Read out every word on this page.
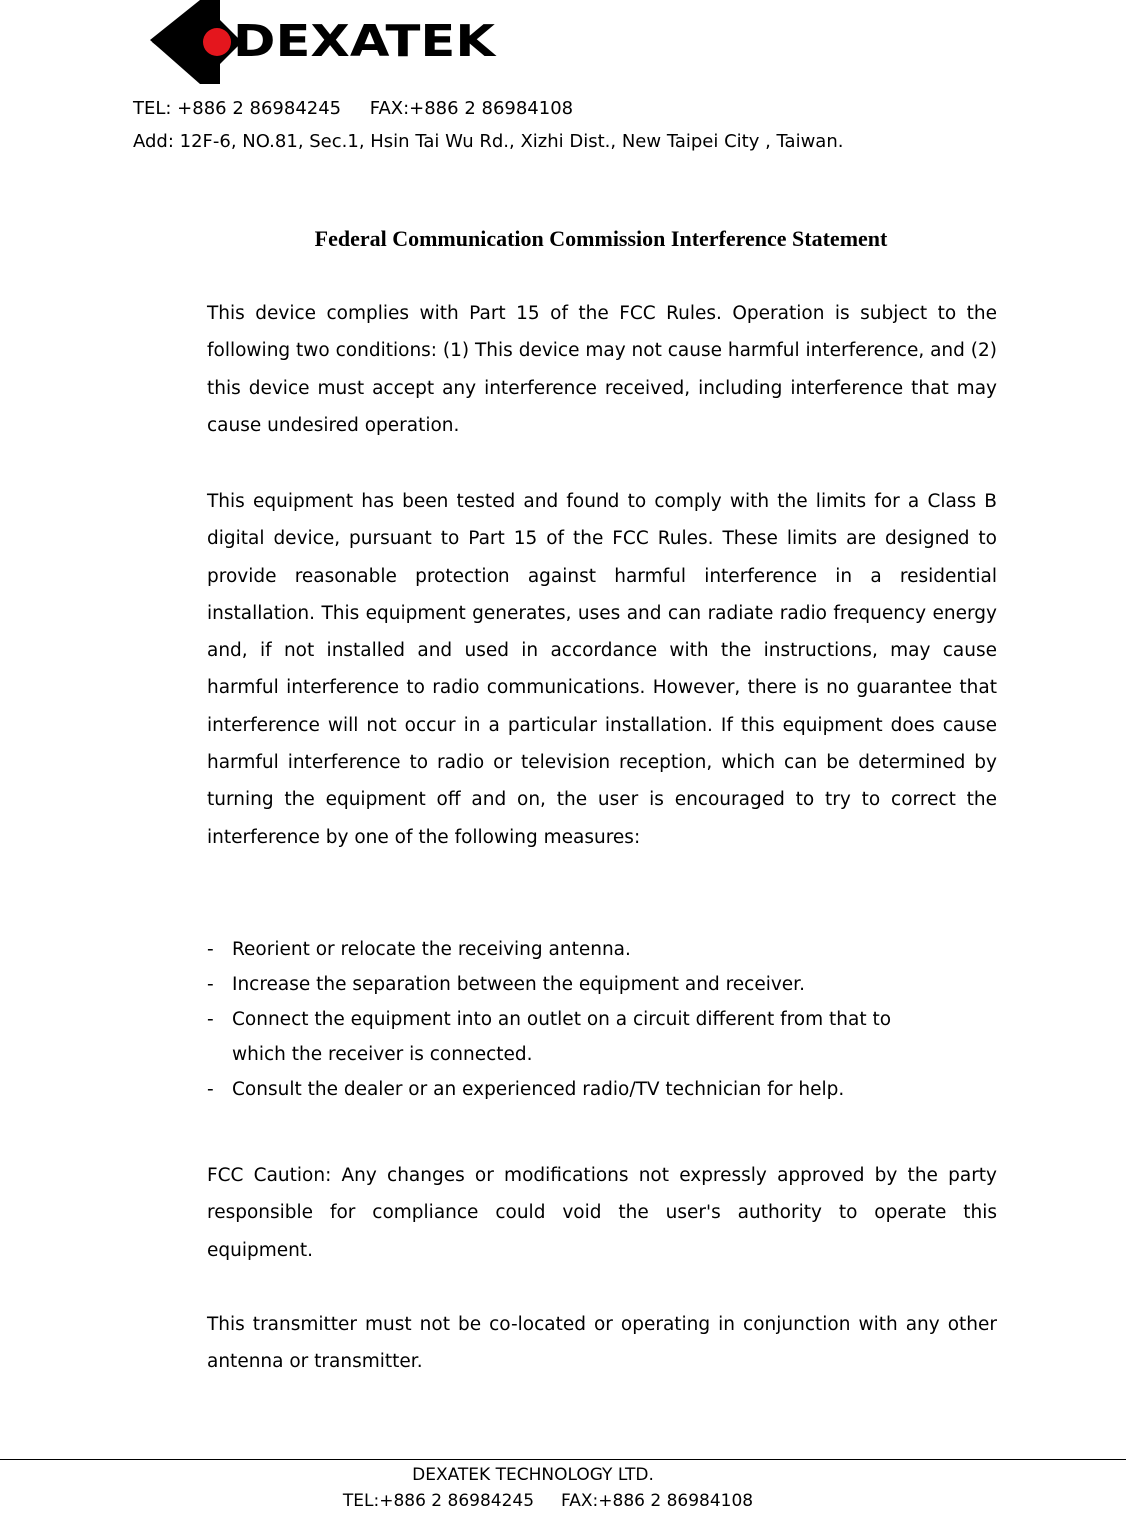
DEXATEK
TEL: +886 2 86984245     FAX:+886 2 86984108
Add: 12F-6, NO.81, Sec.1, Hsin Tai Wu Rd., Xizhi Dist., New Taipei City , Taiwan.
Federal Communication Commission Interference Statement

This device complies with Part 15 of the FCC Rules. Operation is subject to the following two conditions: (1) This device may not cause harmful interference, and (2) this device must accept any interference received, including interference that may cause undesired operation.

This equipment has been tested and found to comply with the limits for a Class B digital device, pursuant to Part 15 of the FCC Rules. These limits are designed to provide reasonable protection against harmful interference in a residential installation. This equipment generates, uses and can radiate radio frequency energy and, if not installed and used in accordance with the instructions, may cause harmful interference to radio communications. However, there is no guarantee that interference will not occur in a particular installation. If this equipment does cause harmful interference to radio or television reception, which can be determined by turning the equipment off and on, the user is encouraged to try to correct the interference by one of the following measures:

- Reorient or relocate the receiving antenna.
- Increase the separation between the equipment and receiver.
- Connect the equipment into an outlet on a circuit different from that to which the receiver is connected.
- Consult the dealer or an experienced radio/TV technician for help.

FCC Caution: Any changes or modifications not expressly approved by the party responsible for compliance could void the user's authority to operate this equipment.

This transmitter must not be co-located or operating in conjunction with any other antenna or transmitter.

DEXATEK TECHNOLOGY LTD.
TEL:+886 2 86984245     FAX:+886 2 86984108
